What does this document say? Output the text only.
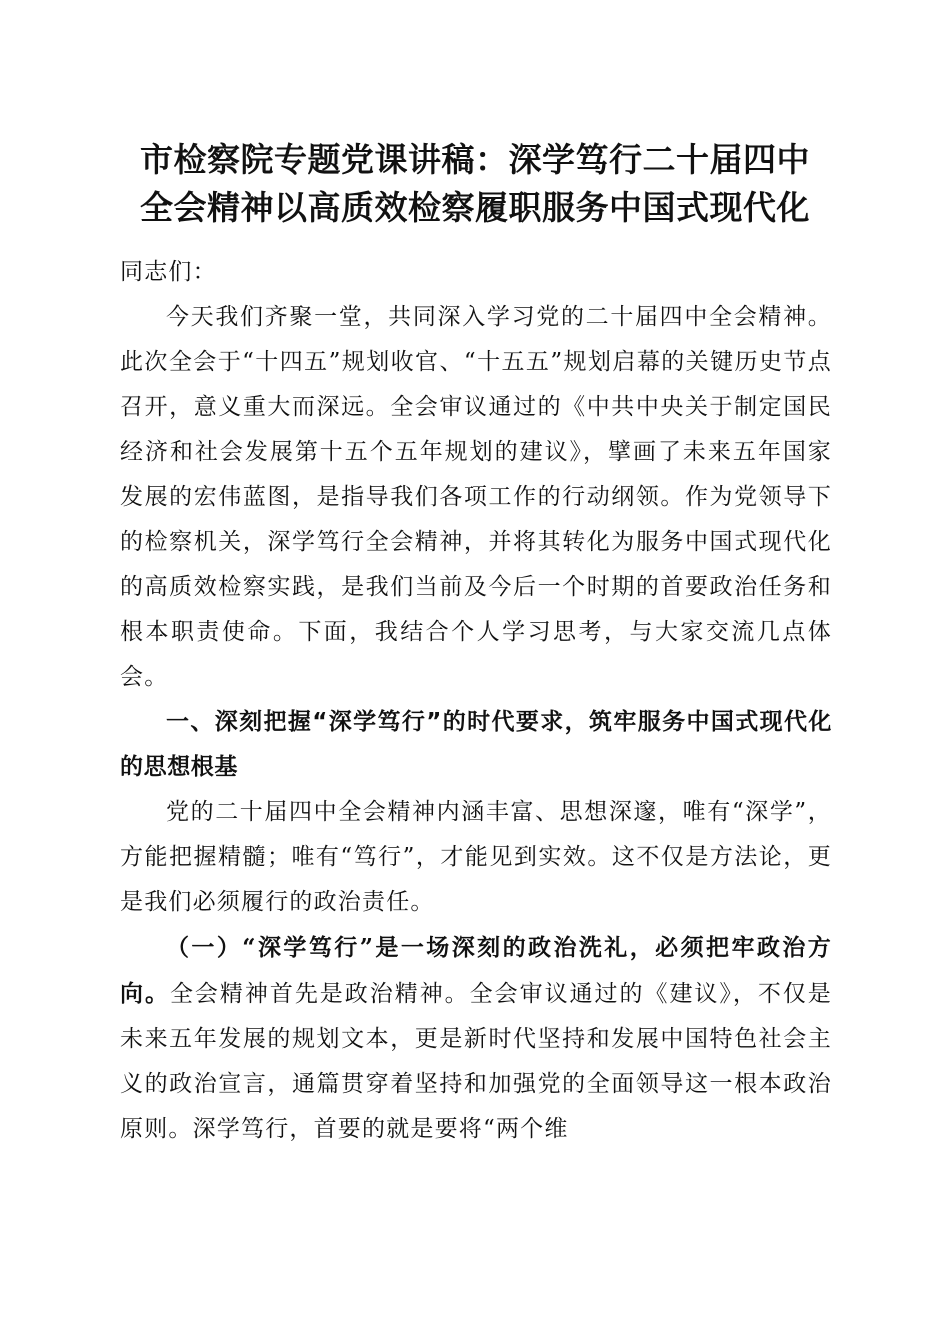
市检察院专题党课讲稿：深学笃行二十届四中
全会精神以高质效检察履职服务中国式现代化

同志们：

今天我们齐聚一堂，共同深入学习党的二十届四中全会精神。此次全会于“十四五”规划收官、“十五五”规划启幕的关键历史节点召开，意义重大而深远。全会审议通过的《中共中央关于制定国民经济和社会发展第十五个五年规划的建议》，擘画了未来五年国家发展的宏伟蓝图，是指导我们各项工作的行动纲领。作为党领导下的检察机关，深学笃行全会精神，并将其转化为服务中国式现代化的高质效检察实践，是我们当前及今后一个时期的首要政治任务和根本职责使命。下面，我结合个人学习思考，与大家交流几点体会。

一、深刻把握“深学笃行”的时代要求，筑牢服务中国式现代化的思想根基

党的二十届四中全会精神内涵丰富、思想深邃，唯有“深学”，方能把握精髓；唯有“笃行”，才能见到实效。这不仅是方法论，更是我们必须履行的政治责任。

（一）“深学笃行”是一场深刻的政治洗礼，必须把牢政治方向。全会精神首先是政治精神。全会审议通过的《建议》，不仅是未来五年发展的规划文本，更是新时代坚持和发展中国特色社会主义的政治宣言，通篇贯穿着坚持和加强党的全面领导这一根本政治原则。深学笃行，首要的就是要将“两个维
